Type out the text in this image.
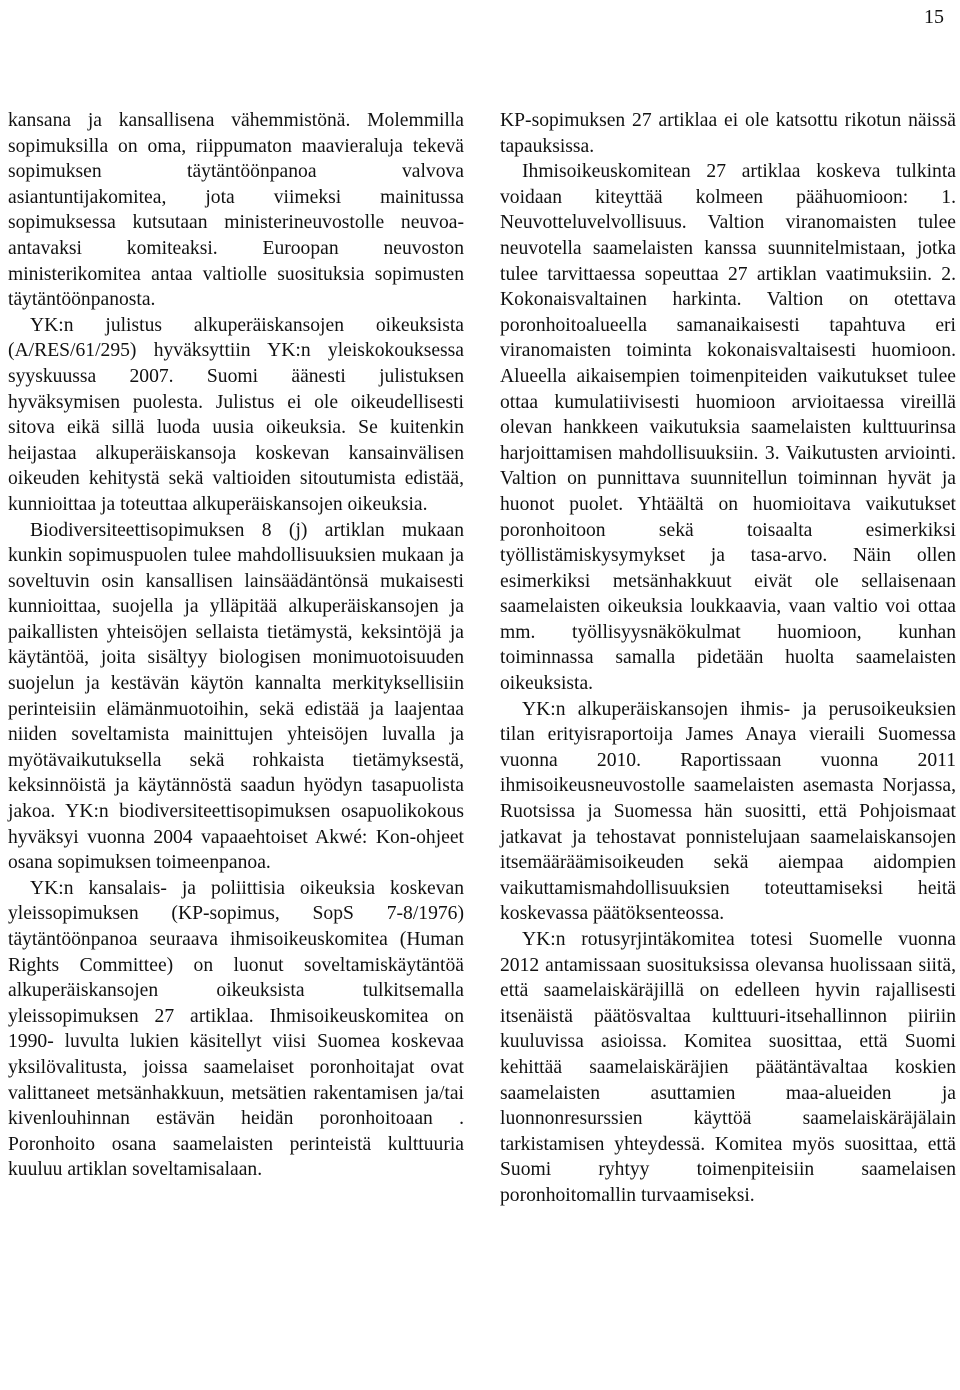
15

kansana ja kansallisena vähemmistönä. Molemmilla sopimuksilla on oma, riippumaton maavieraluja tekevä sopimuksen täytäntöönpanoa valvova asiantuntijakomitea, jota viimeksi mainitussa sopimuksessa kutsutaan ministerineuvostolle neuvoa-antavaksi komiteaksi. Euroopan neuvoston ministerikomitea antaa valtiolle suosituksia sopimusten täytäntöönpanosta.

YK:n julistus alkuperäiskansojen oikeuksista (A/RES/61/295) hyväksyttiin YK:n yleiskokouksessa syyskuussa 2007. Suomi äänesti julistuksen hyväksymisen puolesta. Julistus ei ole oikeudellisesti sitova eikä sillä luoda uusia oikeuksia. Se kuitenkin heijastaa alkuperäiskansoja koskevan kansainvälisen oikeuden kehitystä sekä valtioiden sitoutumista edistää, kunnioittaa ja toteuttaa alkuperäiskansojen oikeuksia.

Biodiversiteettisopimuksen 8 (j) artiklan mukaan kunkin sopimuspuolen tulee mahdollisuuksien mukaan ja soveltuvin osin kansallisen lainsäädäntönsä mukaisesti kunnioittaa, suojella ja ylläpitää alkuperäiskansojen ja paikallisten yhteisöjen sellaista tietämystä, keksintöjä ja käytäntöä, joita sisältyy biologisen monimuotoisuuden suojelun ja kestävän käytön kannalta merkityksellisiin perinteisiin elämänmuotoihin, sekä edistää ja laajentaa niiden soveltamista mainittujen yhteisöjen luvalla ja myötävaikutuksella sekä rohkaista tietämyksestä, keksinnöistä ja käytännöstä saadun hyödyn tasapuolista jakoa. YK:n biodiversiteettisopimuksen osapuolikokous hyväksyi vuonna 2004 vapaaehtoiset Akwé: Kon-ohjeet osana sopimuksen toimeenpanoa.

YK:n kansalais- ja poliittisia oikeuksia koskevan yleissopimuksen (KP-sopimus, SopS 7-8/1976) täytäntöönpanoa seuraava ihmisoikeuskomitea (Human Rights Committee) on luonut soveltamiskäytäntöä alkuperäiskansojen oikeuksista tulkitsemalla yleissopimuksen 27 artiklaa. Ihmisoikeuskomitea on 1990- luvulta lukien käsitellyt viisi Suomea koskevaa yksilövalitusta, joissa saamelaiset poronhoitajat ovat valittaneet metsänhakkuun, metsätien rakentamisen ja/tai kivenlouhinnan estävän heidän poronhoitoaan . Poronhoito osana saamelaisten perinteistä kulttuuria kuuluu artiklan soveltamisalaan.

KP-sopimuksen 27 artiklaa ei ole katsottu rikotun näissä tapauksissa.

Ihmisoikeuskomitean 27 artiklaa koskeva tulkinta voidaan kiteyttää kolmeen päähuomioon: 1. Neuvotteluvelvollisuus. Valtion viranomaisten tulee neuvotella saamelaisten kanssa suunnitelmistaan, jotka tulee tarvittaessa sopeuttaa 27 artiklan vaatimuksiin. 2. Kokonaisvaltainen harkinta. Valtion on otettava poronhoitoalueella samanaikaisesti tapahtuva eri viranomaisten toiminta kokonaisvaltaisesti huomioon. Alueella aikaisempien toimenpiteiden vaikutukset tulee ottaa kumulatiivisesti huomioon arvioitaessa vireillä olevan hankkeen vaikutuksia saamelaisten kulttuurinsa harjoittamisen mahdollisuuksiin. 3. Vaikutusten arviointi. Valtion on punnittava suunnitellun toiminnan hyvät ja huonot puolet. Yhtäältä on huomioitava vaikutukset poronhoitoon sekä toisaalta esimerkiksi työllistämiskysymykset ja tasa-arvo. Näin ollen esimerkiksi metsänhakkuut eivät ole sellaisenaan saamelaisten oikeuksia loukkaavia, vaan valtio voi ottaa mm. työllisyysnäkökulmat huomioon, kunhan toiminnassa samalla pidetään huolta saamelaisten oikeuksista.

YK:n alkuperäiskansojen ihmis- ja perusoikeuksien tilan erityisraportoija James Anaya vieraili Suomessa vuonna 2010. Raportissaan vuonna 2011 ihmisoikeusneuvostolle saamelaisten asemasta Norjassa, Ruotsissa ja Suomessa hän suositti, että Pohjoismaat jatkavat ja tehostavat ponnistelujaan saamelaiskansojen itsemääräämisoikeuden sekä aiempaa aidompien vaikuttamismahdollisuuksien toteuttamiseksi heitä koskevassa päätöksenteossa.

YK:n rotusyrjintäkomitea totesi Suomelle vuonna 2012 antamissaan suosituksissa olevansa huolissaan siitä, että saamelaiskäräjillä on edelleen hyvin rajallisesti itsenäistä päätösvaltaa kulttuuri-itsehallinnon piiriin kuuluvissa asioissa. Komitea suosittaa, että Suomi kehittää saamelaiskäräjien päätäntävaltaa koskien saamelaisten asuttamien maa-alueiden ja luonnonresurssien käyttöä saamelaiskäräjälain tarkistamisen yhteydessä. Komitea myös suosittaa, että Suomi ryhtyy toimenpiteisiin saamelaisen poronhoitomallin turvaamiseksi.
